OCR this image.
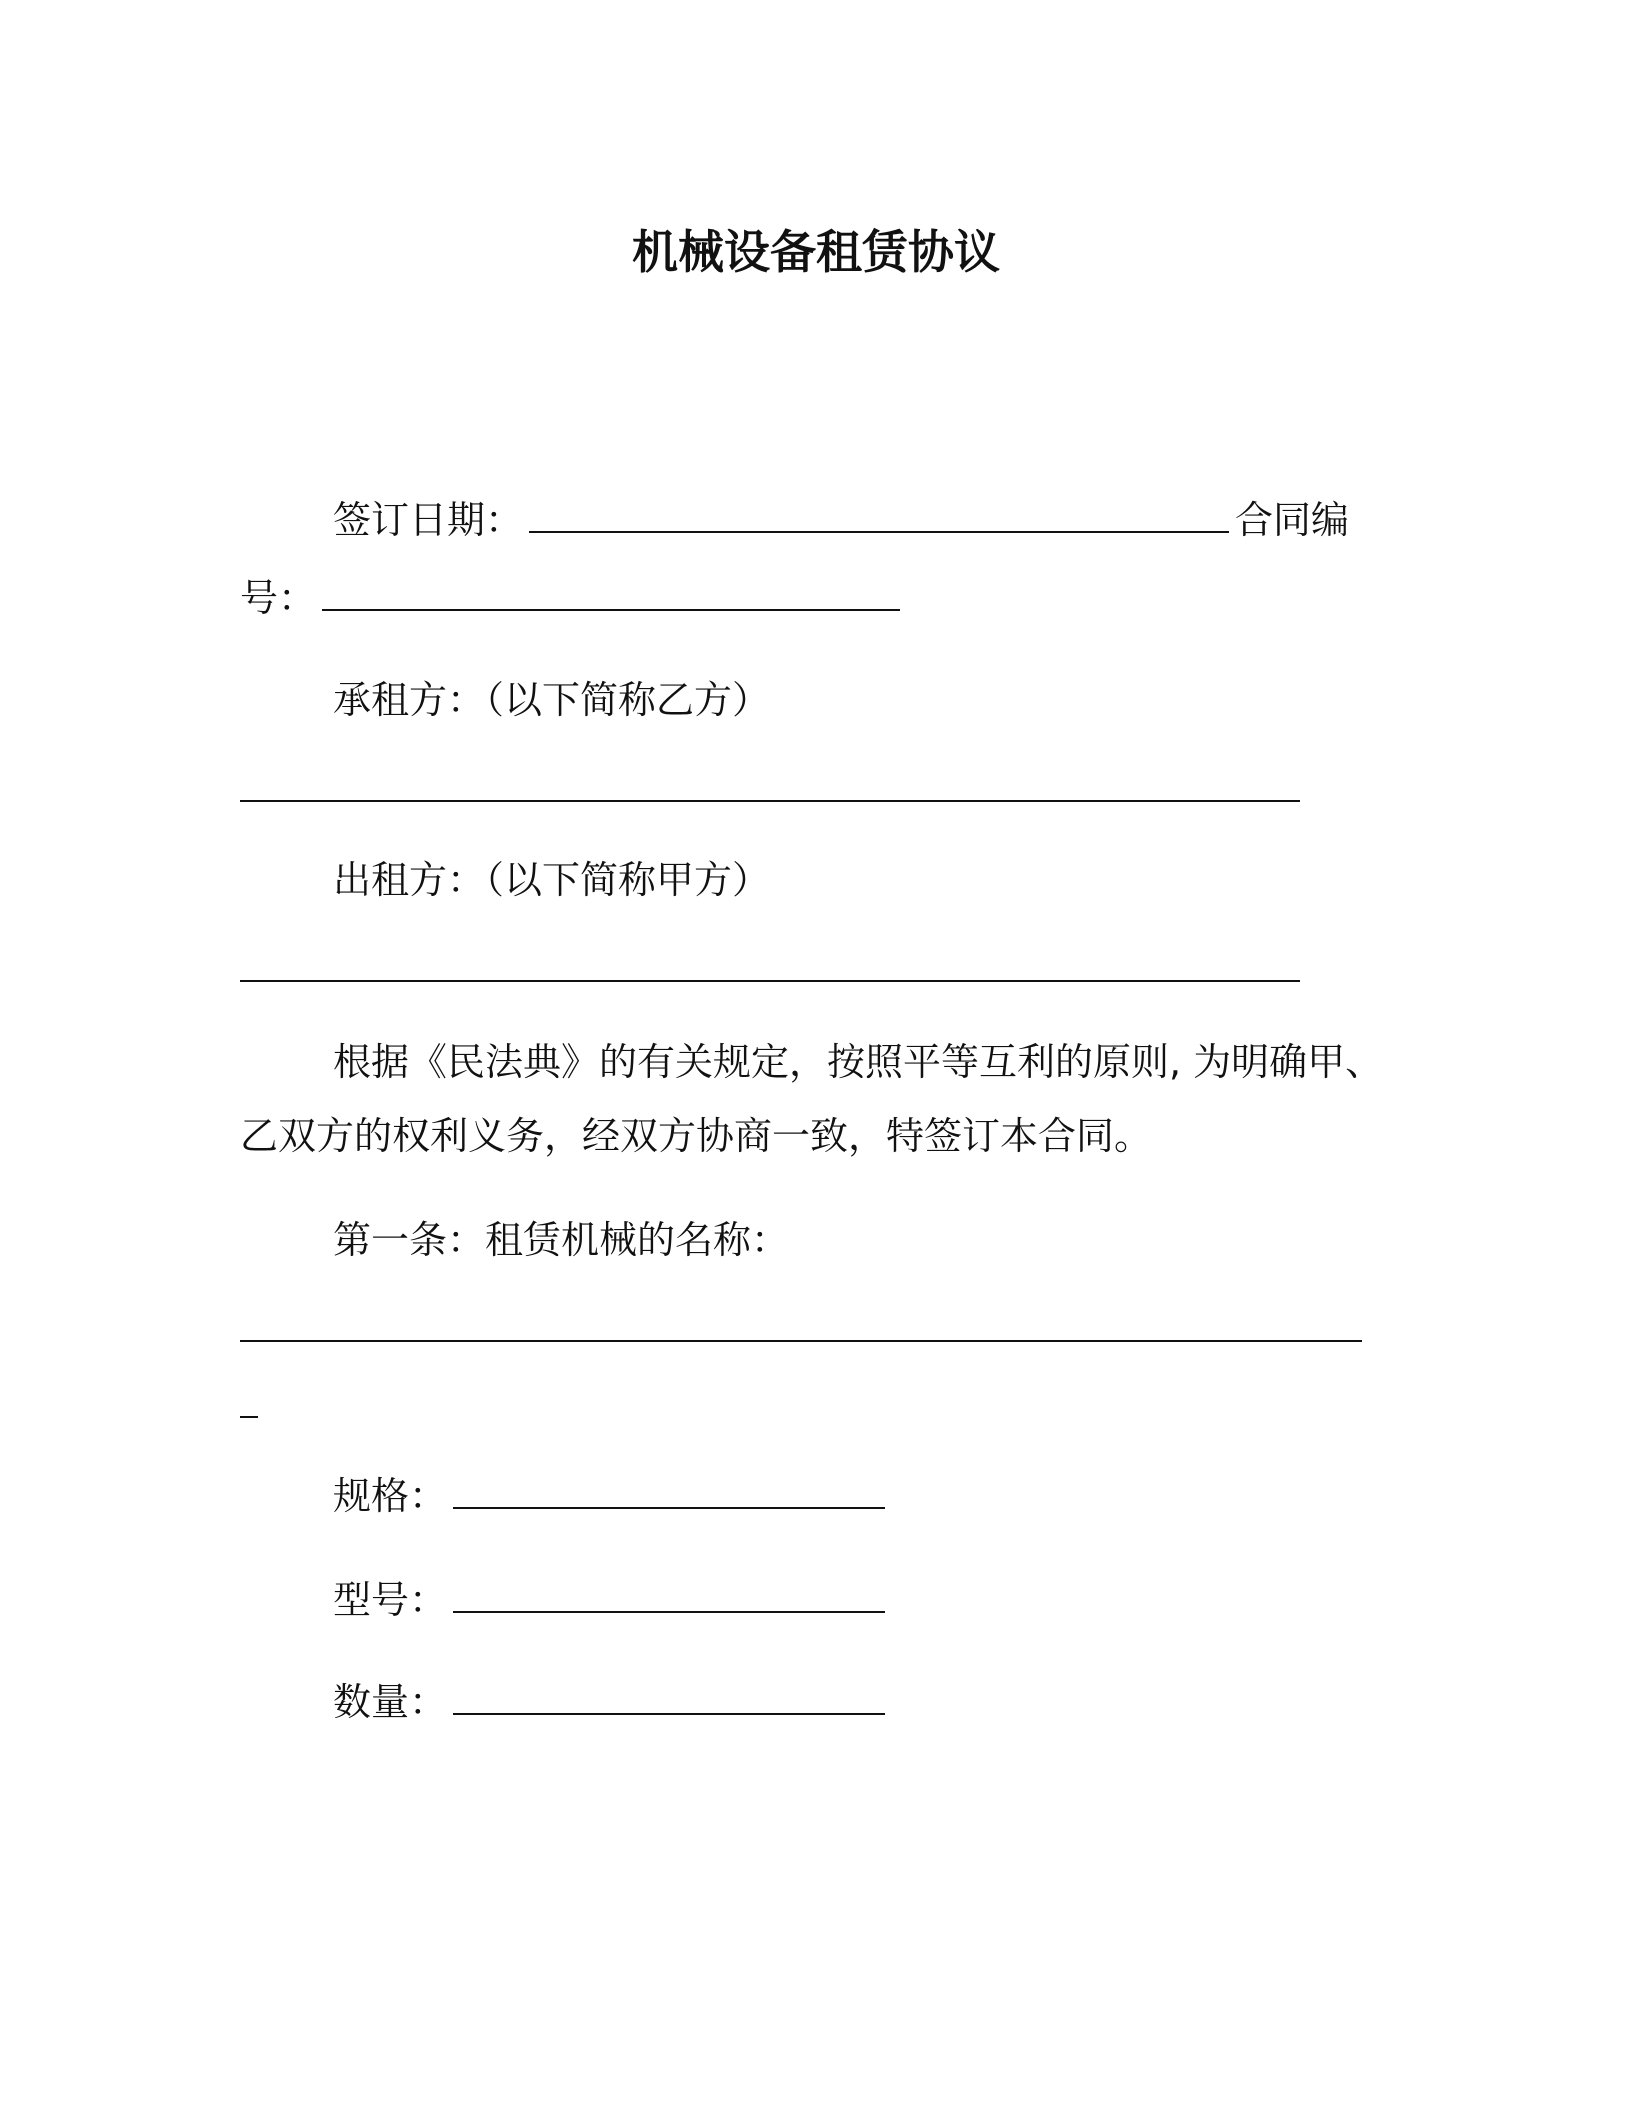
机械设备租赁协议
签订日期：	合同编
号：
承租方：（以下简称乙方）
出租方：（以下简称甲方）
根据《民法典》的有关规定，按照平等互利的原则, 为明确甲、
乙双方的权利义务，经双方协商一致，特签订本合同。
第一条：租赁机械的名称：
规格：
型号：
数量：
